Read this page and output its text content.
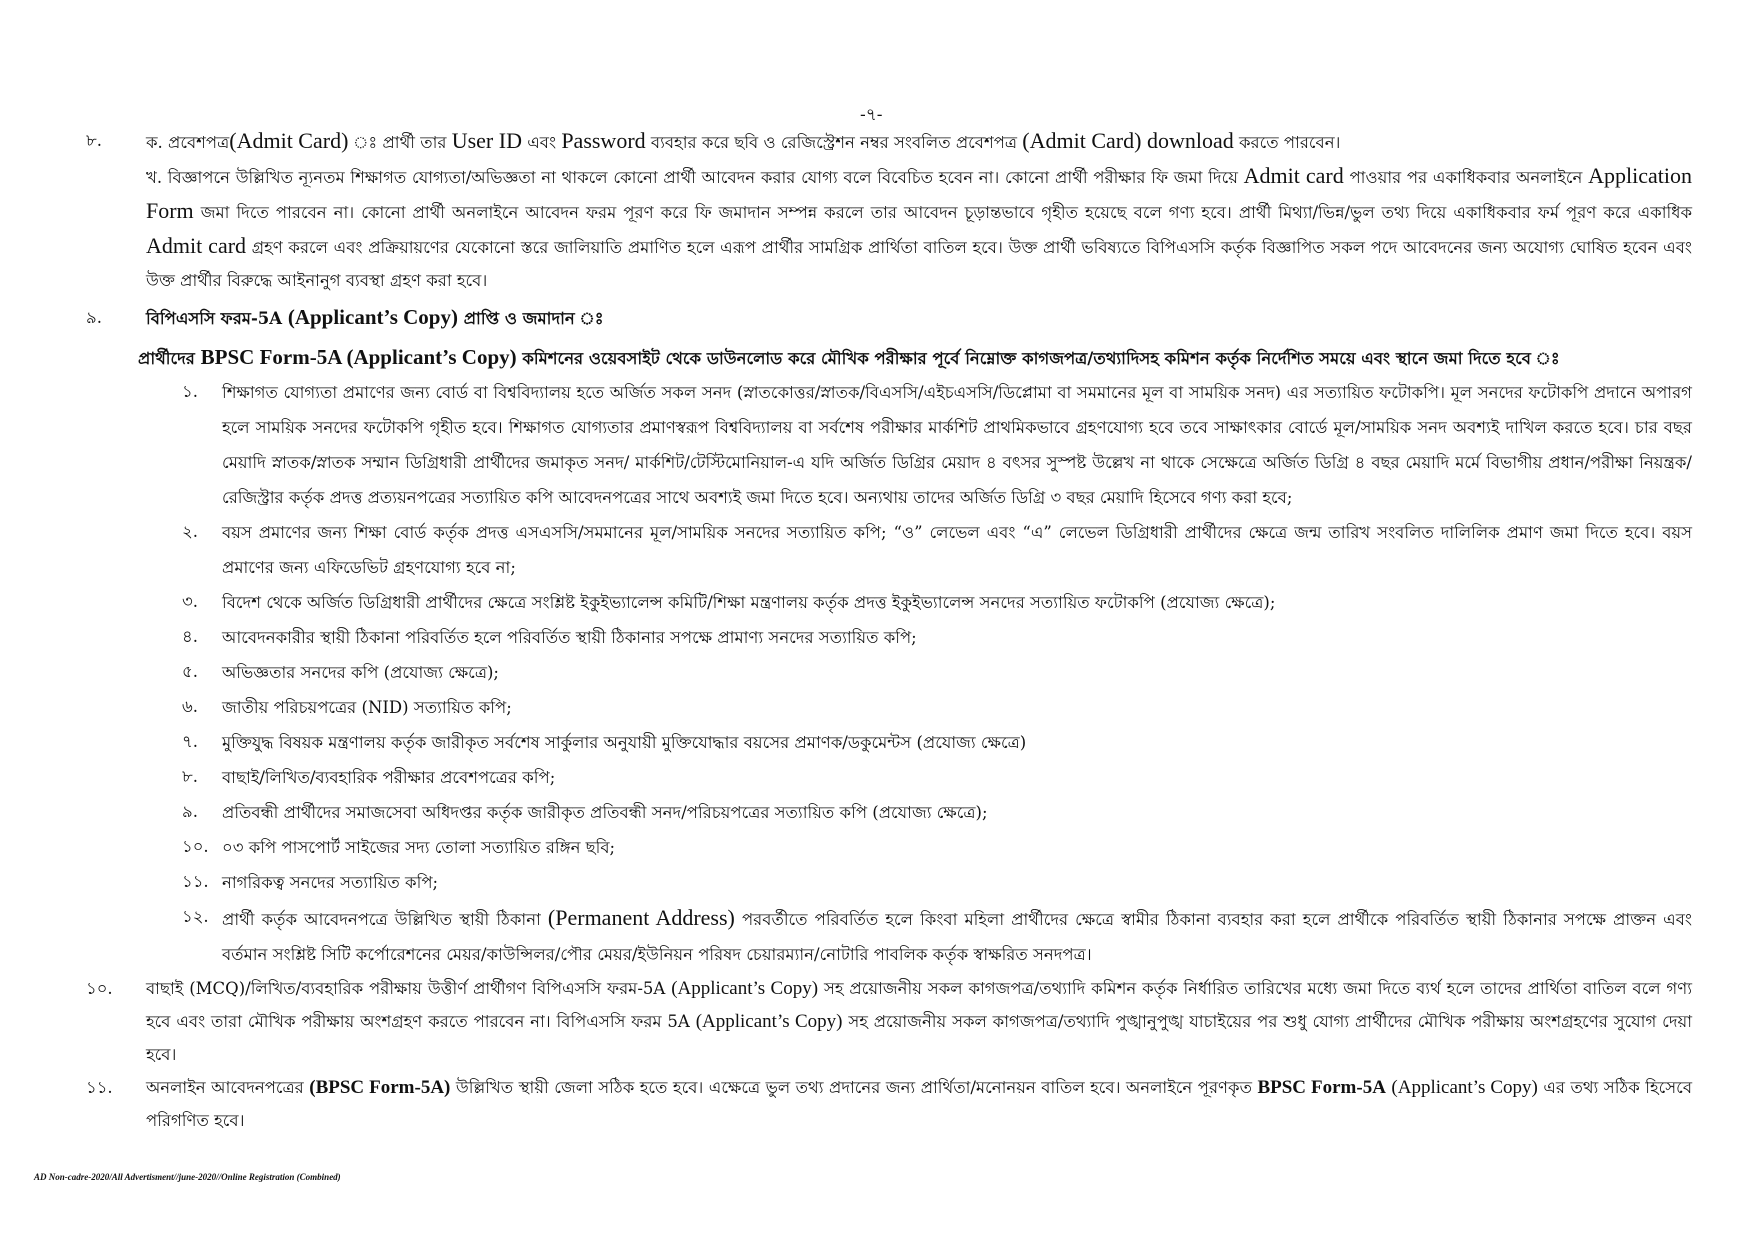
-৭-
৮.	ক. প্রবেশপত্র(Admit Card) ঃ প্রার্থী তার User ID এবং Password ব্যবহার করে ছবি ও রেজিস্ট্রেশন নম্বর সংবলিত প্রবেশপত্র (Admit Card) download করতে পারবেন।
খ. বিজ্ঞাপনে উল্লিখিত ন্যূনতম শিক্ষাগত যোগ্যতা/অভিজ্ঞতা না থাকলে কোনো প্রার্থী আবেদন করার যোগ্য বলে বিবেচিত হবেন না। কোনো প্রার্থী পরীক্ষার ফি জমা দিয়ে Admit card পাওয়ার পর একাধিকবার অনলাইনে Application Form জমা দিতে পারবেন না। কোনো প্রার্থী অনলাইনে আবেদন ফরম পূরণ করে ফি জমাদান সম্পন্ন করলে তার আবেদন চূড়ান্তভাবে গৃহীত হয়েছে বলে গণ্য হবে। প্রার্থী মিথ্যা/ভিন্ন/ভুল তথ্য দিয়ে একাধিকবার ফর্ম পূরণ করে একাধিক Admit card গ্রহণ করলে এবং প্রক্রিয়ায়ণের যেকোনো স্তরে জালিয়াতি প্রমাণিত হলে এরূপ প্রার্থীর সামগ্রিক প্রার্থিতা বাতিল হবে। উক্ত প্রার্থী ভবিষ্যতে বিপিএসসি কর্তৃক বিজ্ঞাপিত সকল পদে আবেদনের জন্য অযোগ্য ঘোষিত হবেন এবং উক্ত প্রার্থীর বিরুদ্ধে আইনানুগ ব্যবস্থা গ্রহণ করা হবে।
৯.	বিপিএসসি ফরম-5A (Applicant’s Copy) প্রাপ্তি ও জমাদান ঃ
প্রার্থীদের BPSC Form-5A (Applicant’s Copy) কমিশনের ওয়েবসাইট থেকে ডাউনলোড করে মৌখিক পরীক্ষার পূর্বে নিম্নোক্ত কাগজপত্র/তথ্যাদিসহ কমিশন কর্তৃক নির্দেশিত সময়ে এবং স্থানে জমা দিতে হবে ঃ
১.	শিক্ষাগত যোগ্যতা প্রমাণের জন্য বোর্ড বা বিশ্ববিদ্যালয় হতে অর্জিত সকল সনদ (স্নাতকোত্তর/স্নাতক/বিএসসি/এইচএসসি/ডিপ্লোমা বা সমমানের মূল বা সাময়িক সনদ) এর সত্যায়িত ফটোকপি। মূল সনদের ফটোকপি প্রদানে অপারগ হলে সাময়িক সনদের ফটোকপি গৃহীত হবে। শিক্ষাগত যোগ্যতার প্রমাণস্বরূপ বিশ্ববিদ্যালয় বা সর্বশেষ পরীক্ষার মার্কশিট প্রাথমিকভাবে গ্রহণযোগ্য হবে তবে সাক্ষাৎকার বোর্ডে মূল/সাময়িক সনদ অবশ্যই দাখিল করতে হবে। চার বছর মেয়াদি স্নাতক/স্নাতক সম্মান ডিগ্রিধারী প্রার্থীদের জমাকৃত সনদ/ মার্কশিট/টেস্টিমোনিয়াল-এ যদি অর্জিত ডিগ্রির মেয়াদ ৪ বৎসর সুস্পষ্ট উল্লেখ না থাকে সেক্ষেত্রে অর্জিত ডিগ্রি ৪ বছর মেয়াদি মর্মে বিভাগীয় প্রধান/পরীক্ষা নিয়ন্ত্রক/রেজিস্ট্রার কর্তৃক প্রদত্ত প্রত্যয়নপত্রের সত্যায়িত কপি আবেদনপত্রের সাথে অবশ্যই জমা দিতে হবে। অন্যথায় তাদের অর্জিত ডিগ্রি ৩ বছর মেয়াদি হিসেবে গণ্য করা হবে;
২.	বয়স প্রমাণের জন্য শিক্ষা বোর্ড কর্তৃক প্রদত্ত এসএসসি/সমমানের মূল/সাময়িক সনদের সত্যায়িত কপি; “ও” লেভেল এবং “এ” লেভেল ডিগ্রিধারী প্রার্থীদের ক্ষেত্রে জন্ম তারিখ সংবলিত দালিলিক প্রমাণ জমা দিতে হবে। বয়স প্রমাণের জন্য এফিডেভিট গ্রহণযোগ্য হবে না;
৩.	বিদেশ থেকে অর্জিত ডিগ্রিধারী প্রার্থীদের ক্ষেত্রে সংশ্লিষ্ট ইকুইভ্যালেন্স কমিটি/শিক্ষা মন্ত্রণালয় কর্তৃক প্রদত্ত ইকুইভ্যালেন্স সনদের সত্যায়িত ফটোকপি (প্রযোজ্য ক্ষেত্রে);
৪.	আবেদনকারীর স্থায়ী ঠিকানা পরিবর্তিত হলে পরিবর্তিত স্থায়ী ঠিকানার সপক্ষে প্রামাণ্য সনদের সত্যায়িত কপি;
৫.	অভিজ্ঞতার সনদের কপি (প্রযোজ্য ক্ষেত্রে);
৬.	জাতীয় পরিচয়পত্রের (NID) সত্যায়িত কপি;
৭.	মুক্তিযুদ্ধ বিষয়ক মন্ত্রণালয় কর্তৃক জারীকৃত সর্বশেষ সার্কুলার অনুযায়ী মুক্তিযোদ্ধার বয়সের প্রমাণক/ডকুমেন্টস (প্রযোজ্য ক্ষেত্রে)
৮.	বাছাই/লিখিত/ব্যবহারিক পরীক্ষার প্রবেশপত্রের কপি;
৯.	প্রতিবন্ধী প্রার্থীদের সমাজসেবা অধিদপ্তর কর্তৃক জারীকৃত প্রতিবন্ধী সনদ/পরিচয়পত্রের সত্যায়িত কপি (প্রযোজ্য ক্ষেত্রে);
১০. ০৩ কপি পাসপোর্ট সাইজের সদ্য তোলা সত্যায়িত রঙ্গিন ছবি;
১১. নাগরিকত্ব সনদের সত্যায়িত কপি;
১২. প্রার্থী কর্তৃক আবেদনপত্রে উল্লিখিত স্থায়ী ঠিকানা (Permanent Address) পরবর্তীতে পরিবর্তিত হলে কিংবা মহিলা প্রার্থীদের ক্ষেত্রে স্বামীর ঠিকানা ব্যবহার করা হলে প্রার্থীকে পরিবর্তিত স্থায়ী ঠিকানার সপক্ষে প্রাক্তন এবং বর্তমান সংশ্লিষ্ট সিটি কর্পোরেশনের মেয়র/কাউন্সিলর/পৌর মেয়র/ইউনিয়ন পরিষদ চেয়ারম্যান/নোটারি পাবলিক কর্তৃক স্বাক্ষরিত সনদপত্র।
১০.	বাছাই (MCQ)/লিখিত/ব্যবহারিক পরীক্ষায় উত্তীর্ণ প্রার্থীগণ বিপিএসসি ফরম-5A (Applicant’s Copy) সহ প্রয়োজনীয় সকল কাগজপত্র/তথ্যাদি কমিশন কর্তৃক নির্ধারিত তারিখের মধ্যে জমা দিতে ব্যর্থ হলে তাদের প্রার্থিতা বাতিল বলে গণ্য হবে এবং তারা মৌখিক পরীক্ষায় অংশগ্রহণ করতে পারবেন না। বিপিএসসি ফরম 5A (Applicant’s Copy) সহ প্রয়োজনীয় সকল কাগজপত্র/তথ্যাদি পুঙ্খানুপুঙ্খ যাচাইয়ের পর শুধু যোগ্য প্রার্থীদের মৌখিক পরীক্ষায় অংশগ্রহণের সুযোগ দেয়া হবে।
১১.	অনলাইন আবেদনপত্রের (BPSC Form-5A) উল্লিখিত স্থায়ী জেলা সঠিক হতে হবে। এক্ষেত্রে ভুল তথ্য প্রদানের জন্য প্রার্থিতা/মনোনয়ন বাতিল হবে। অনলাইনে পূরণকৃত BPSC Form-5A (Applicant’s Copy) এর তথ্য সঠিক হিসেবে পরিগণিত হবে।
AD Non-cadre-2020/All Advertisment//june-2020//Online Registration (Combined)
